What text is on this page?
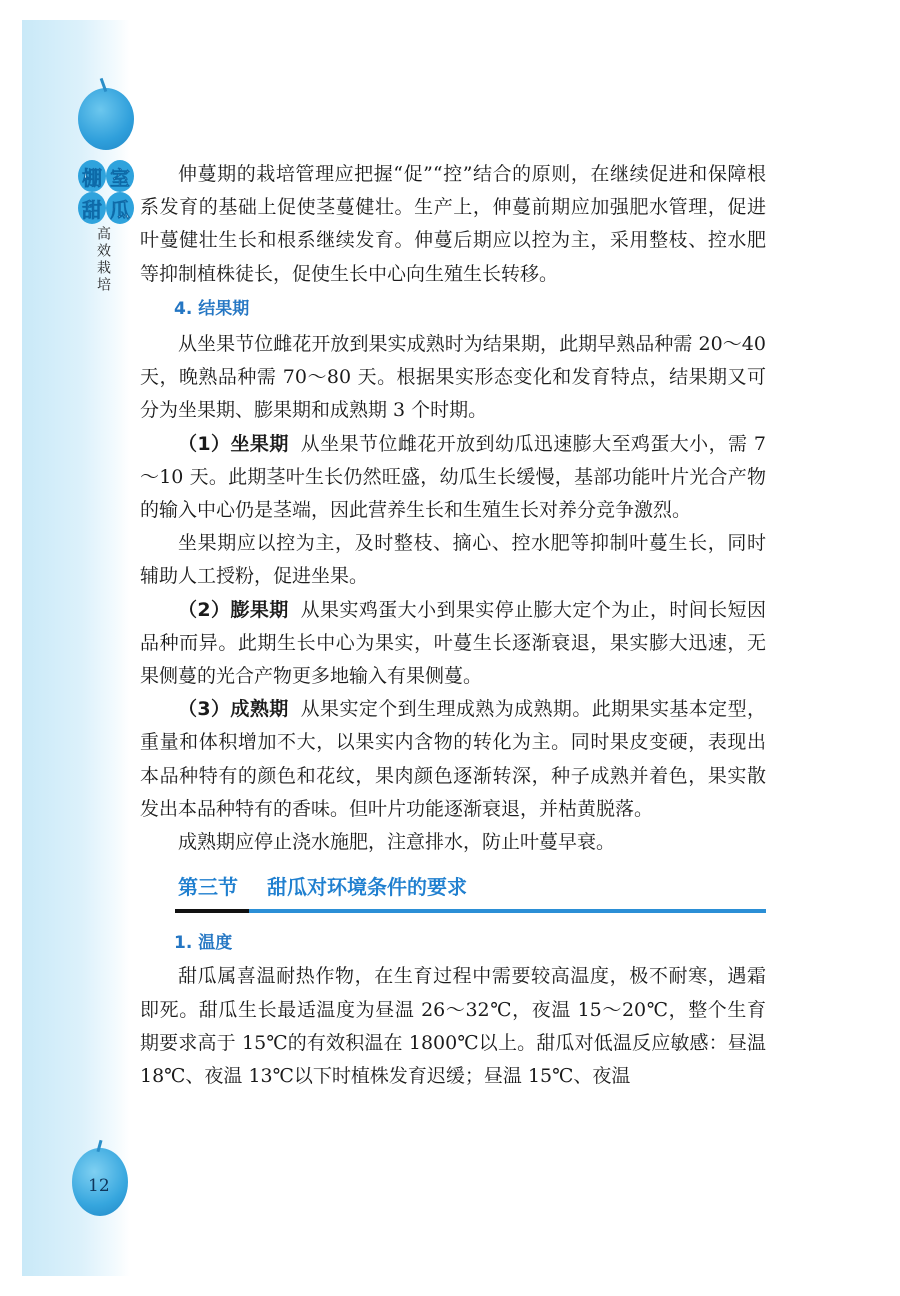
棚 室
甜 瓜
高效栽培
12

伸蔓期的栽培管理应把握“促”“控”结合的原则，在继续促进和保障根系发育的基础上促使茎蔓健壮。生产上，伸蔓前期应加强肥水管理，促进叶蔓健壮生长和根系继续发育。伸蔓后期应以控为主，采用整枝、控水肥等抑制植株徒长，促使生长中心向生殖生长转移。

4. 结果期

从坐果节位雌花开放到果实成熟时为结果期，此期早熟品种需 20～40 天，晚熟品种需 70～80 天。根据果实形态变化和发育特点，结果期又可分为坐果期、膨果期和成熟期 3 个时期。

（1）坐果期 从坐果节位雌花开放到幼瓜迅速膨大至鸡蛋大小，需 7～10 天。此期茎叶生长仍然旺盛，幼瓜生长缓慢，基部功能叶片光合产物的输入中心仍是茎端，因此营养生长和生殖生长对养分竞争激烈。

坐果期应以控为主，及时整枝、摘心、控水肥等抑制叶蔓生长，同时辅助人工授粉，促进坐果。

（2）膨果期 从果实鸡蛋大小到果实停止膨大定个为止，时间长短因品种而异。此期生长中心为果实，叶蔓生长逐渐衰退，果实膨大迅速，无果侧蔓的光合产物更多地输入有果侧蔓。

（3）成熟期 从果实定个到生理成熟为成熟期。此期果实基本定型，重量和体积增加不大，以果实内含物的转化为主。同时果皮变硬，表现出本品种特有的颜色和花纹，果肉颜色逐渐转深，种子成熟并着色，果实散发出本品种特有的香味。但叶片功能逐渐衰退，并枯黄脱落。

成熟期应停止浇水施肥，注意排水，防止叶蔓早衰。

第三节 甜瓜对环境条件的要求
1. 温度

甜瓜属喜温耐热作物，在生育过程中需要较高温度，极不耐寒，遇霜即死。甜瓜生长最适温度为昼温 26～32℃，夜温 15～20℃，整个生育期要求高于 15℃的有效积温在 1800℃以上。甜瓜对低温反应敏感：昼温 18℃、夜温 13℃以下时植株发育迟缓；昼温 15℃、夜温
